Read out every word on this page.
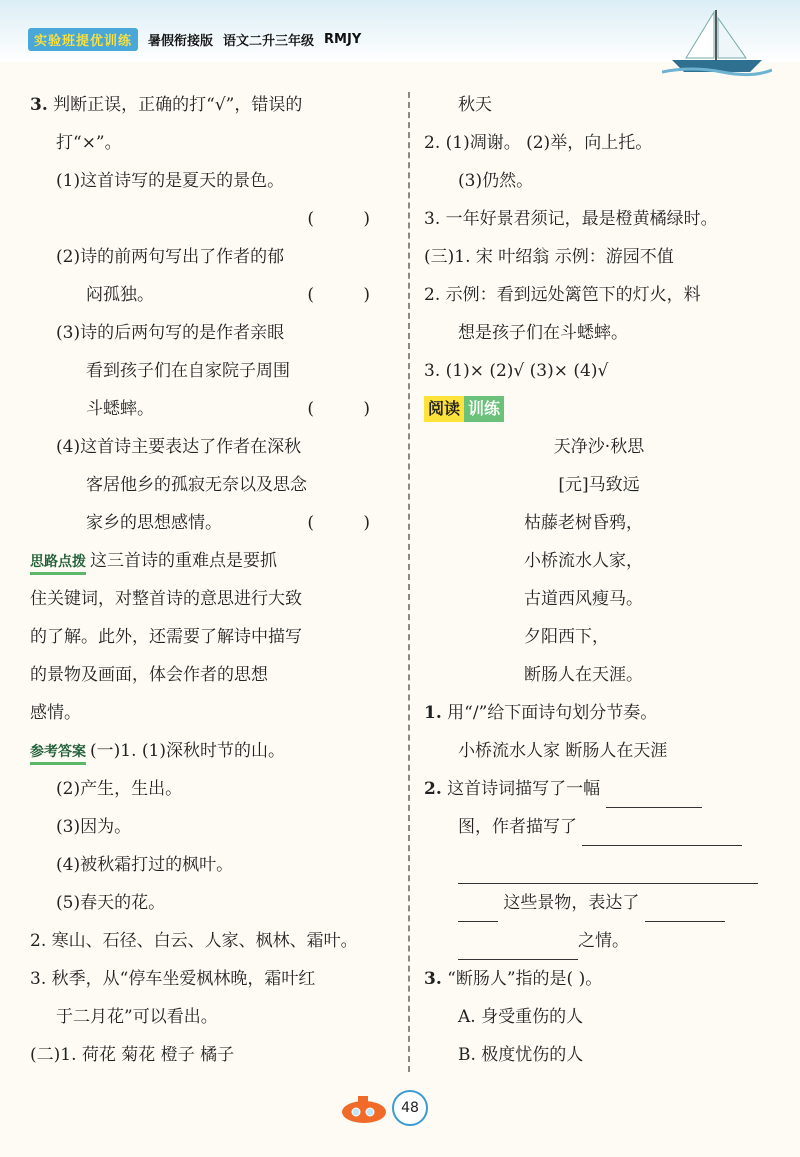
实验班提优训练	暑假衔接版 语文二升三年级 RMJY
3. 判断正误，正确的打“√”，错误的
打“×”。
(1)这首诗写的是夏天的景色。
( )
(2)诗的前两句写出了作者的郁
闷孤独。	( )
(3)诗的后两句写的是作者亲眼
看到孩子们在自家院子周围
斗蟋蟀。	( )
(4)这首诗主要表达了作者在深秋
客居他乡的孤寂无奈以及思念
家乡的思想感情。	( )
思路点拨 这三首诗的重难点是要抓
住关键词，对整首诗的意思进行大致
的了解。此外，还需要了解诗中描写
的景物及画面，体会作者的思想
感情。
参考答案 (一)1. (1)深秋时节的山。
(2)产生，生出。
(3)因为。
(4)被秋霜打过的枫叶。
(5)春天的花。
2. 寒山、石径、白云、人家、枫林、霜叶。
3. 秋季，从“停车坐爱枫林晚，霜叶红
于二月花”可以看出。
(二)1. 荷花 菊花 橙子 橘子
秋天
2. (1)凋谢。 (2)举，向上托。
(3)仍然。
3. 一年好景君须记，最是橙黄橘绿时。
(三)1. 宋 叶绍翁 示例：游园不值
2. 示例：看到远处篱笆下的灯火，料
想是孩子们在斗蟋蟀。
3. (1)× (2)√ (3)× (4)√
阅读 训练
天净沙·秋思
[元]马致远
枯藤老树昏鸦，
小桥流水人家，
古道西风瘦马。
夕阳西下，
断肠人在天涯。
1. 用“/”给下面诗句划分节奏。
小桥流水人家 断肠人在天涯
2. 这首诗词描写了一幅
图，作者描写了
这些景物，表达了
之情。
3. “断肠人”指的是( )。
A. 身受重伤的人
B. 极度忧伤的人
48
